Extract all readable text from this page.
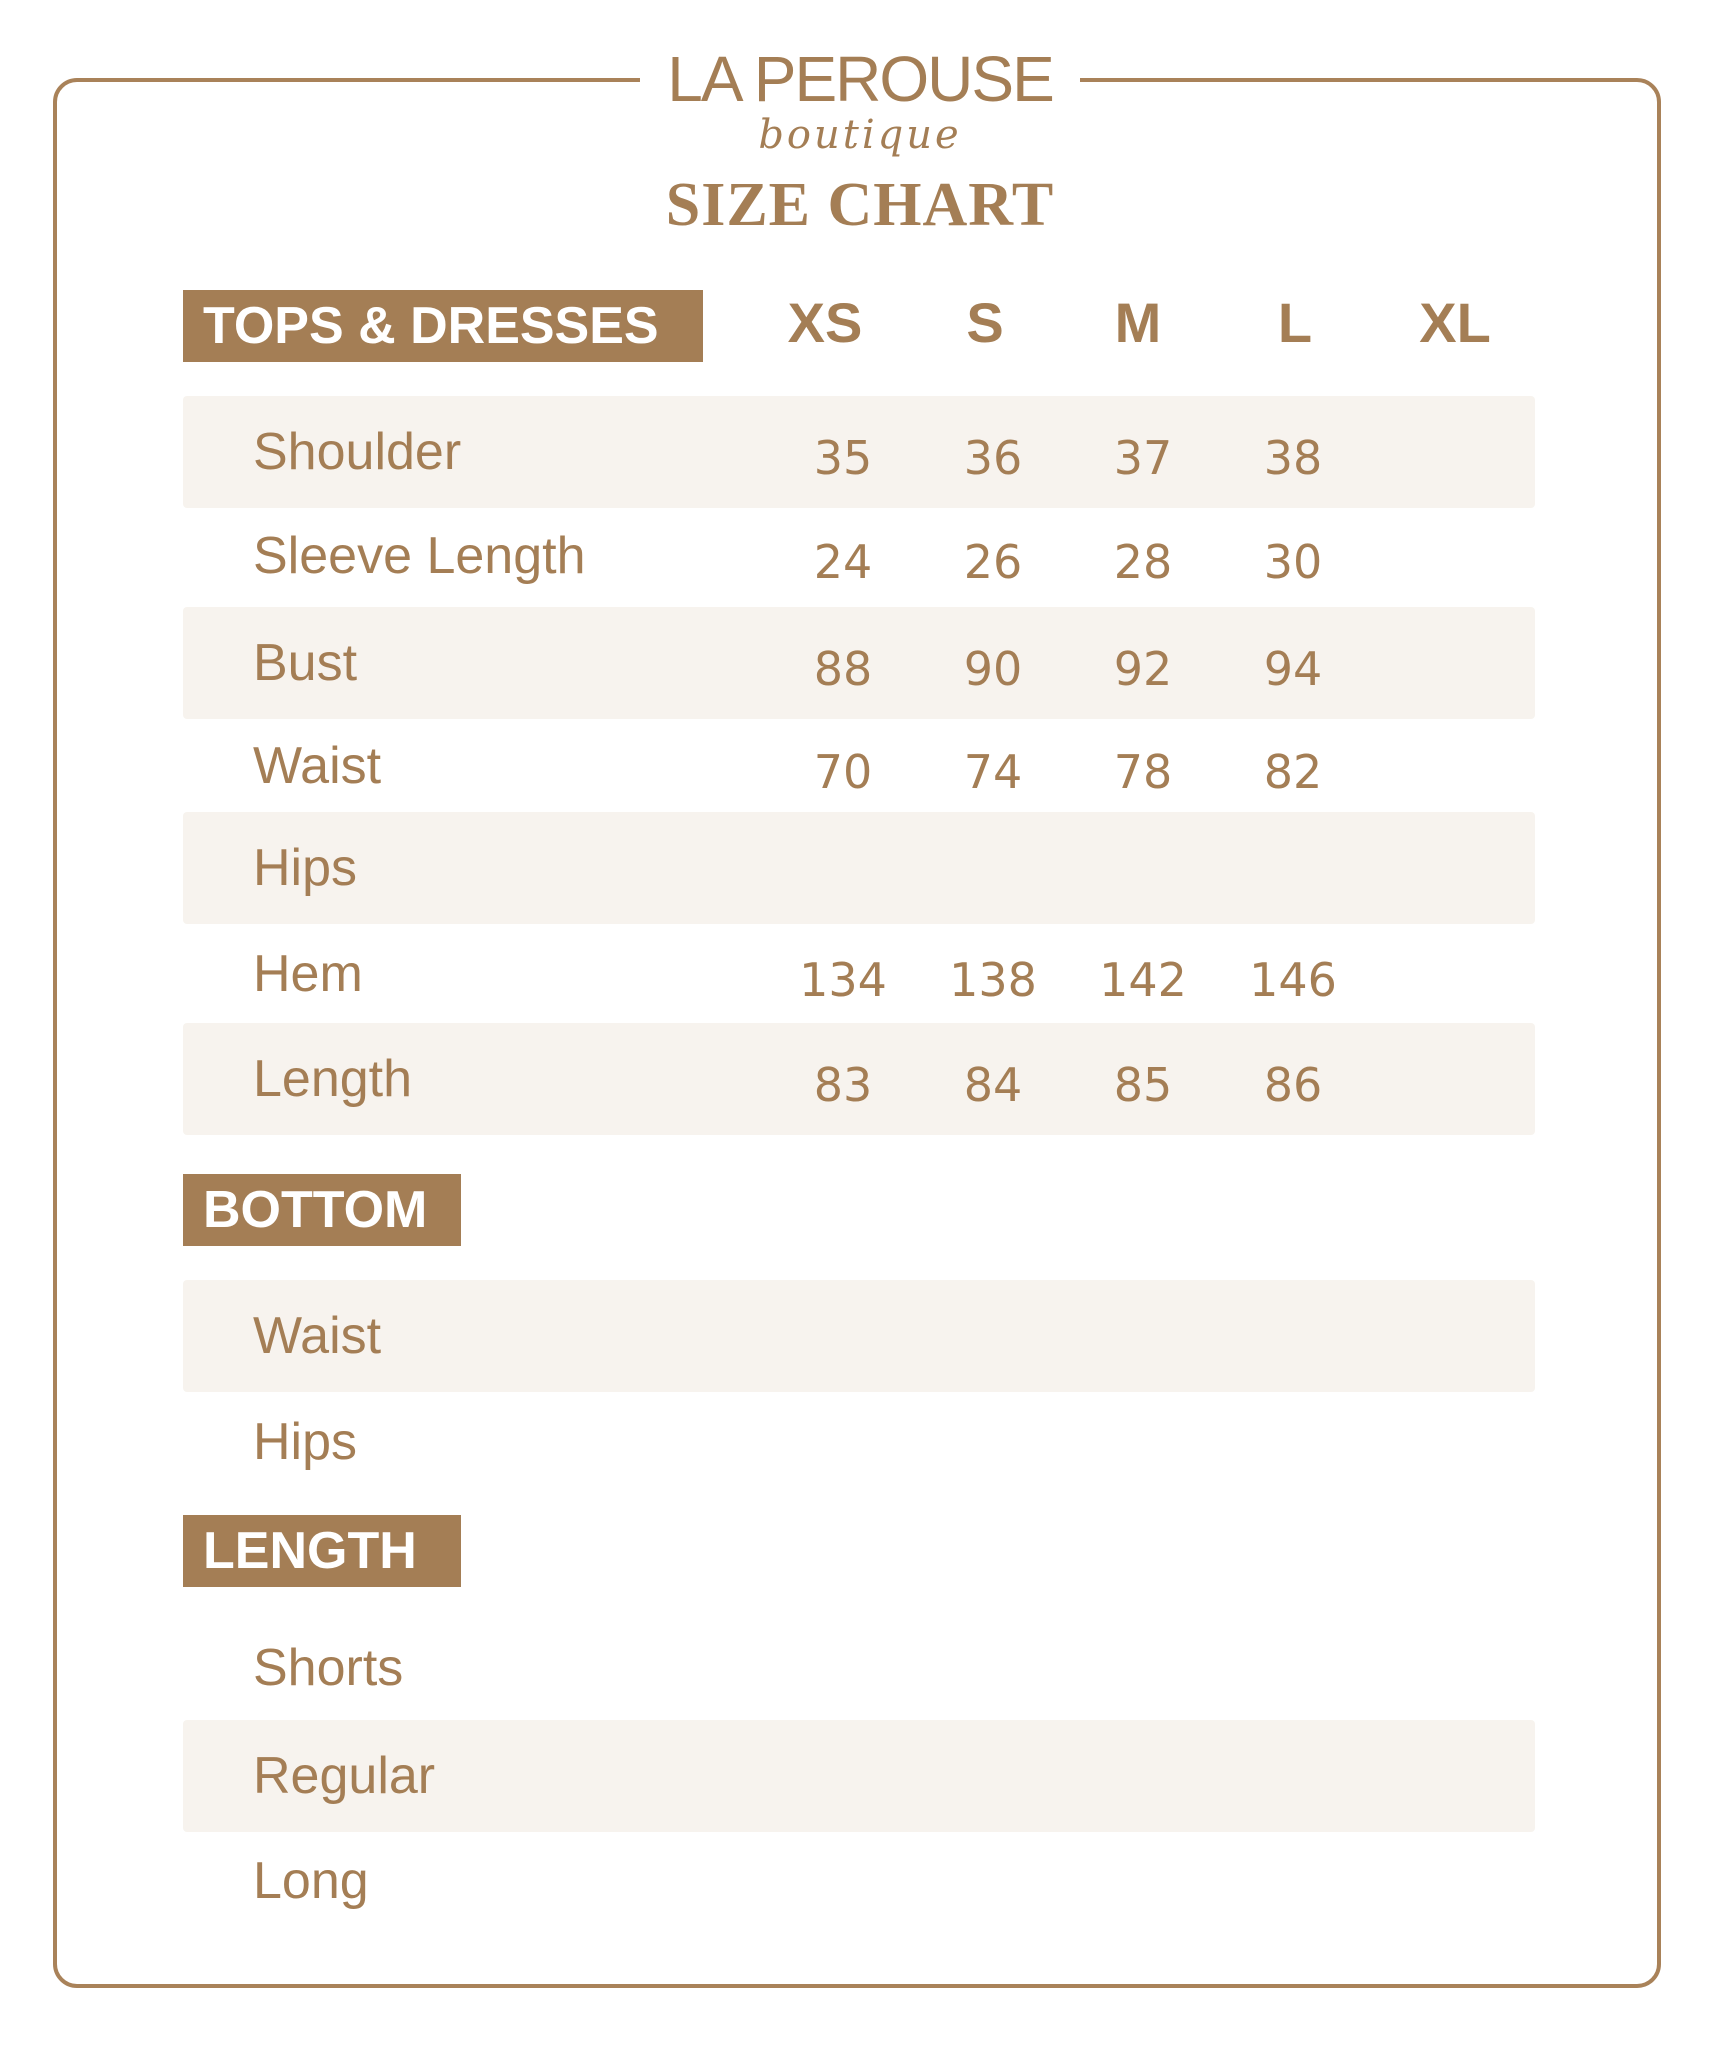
LA PEROUSE
boutique
SIZE CHART
TOPS & DRESSES	XS	S	M	L	XL
Shoulder	35	36	37	38
Sleeve Length	24	26	28	30
Bust	88	90	92	94
Waist	70	74	78	82
Hips
Hem	134	138	142	146
Length	83	84	85	86
BOTTOM
Waist
Hips
LENGTH
Shorts
Regular
Long
